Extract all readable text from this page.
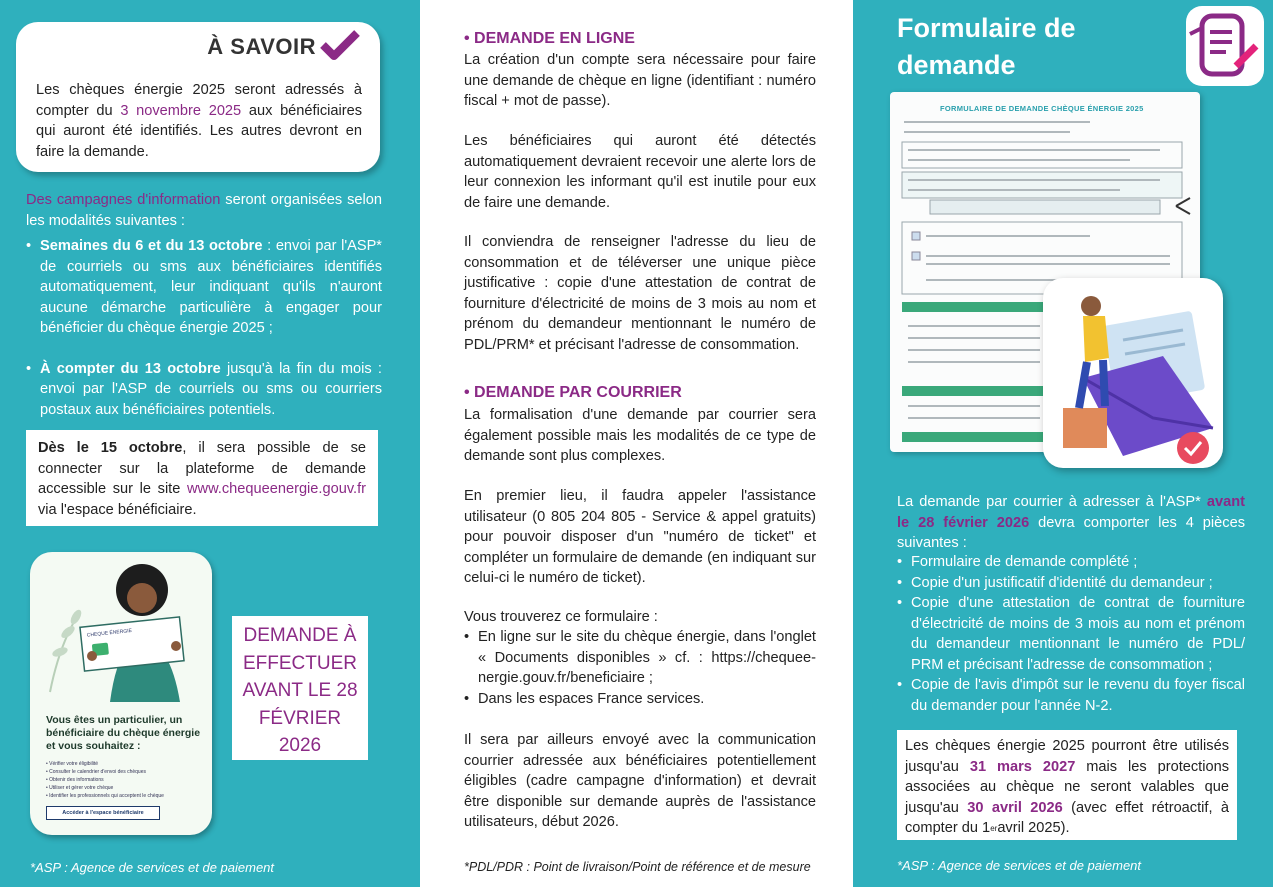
À SAVOIR
Les chèques énergie 2025 seront adressés à compter du 3 novembre 2025 aux bénéficiaires qui auront été identifiés. Les autres devront en faire la demande.
Des campagnes d'information seront organisées selon les modalités suivantes :
• Semaines du 6 et du 13 octobre : envoi par l'ASP* de courriels ou sms aux bénéficiaires identifiés automatiquement, leur indiquant qu'ils n'auront aucune démarche particulière à engager pour bénéficier du chèque énergie 2025 ;
• À compter du 13 octobre jusqu'à la fin du mois : envoi par l'ASP de courriels ou sms ou courriers postaux aux bénéficiaires potentiels.
Dès le 15 octobre, il sera possible de se connecter sur la plateforme de demande accessible sur le site www.chequeenergie.gouv.fr via l'espace bénéficiaire.
CHEQUE ÉNERGIE
Vous êtes un particulier, un bénéficiaire du chèque énergie et vous souhaitez :
• Vérifier votre éligibilité
• Consulter le calendrier d'envoi des chèques
• Obtenir des informations
• Utiliser et gérer votre chèque
• Identifier les professionnels qui acceptent le chèque
Accéder à l'espace bénéficiaire
DEMANDE À EFFECTUER AVANT LE 28 FÉVRIER 2026
*ASP : Agence de services et de paiement
• DEMANDE EN LIGNE
La création d'un compte sera nécessaire pour faire une demande de chèque en ligne (identifiant : numéro fiscal + mot de passe).
Les bénéficiaires qui auront été détectés automatiquement devraient recevoir une alerte lors de leur connexion les informant qu'il est inutile pour eux de faire une demande.
Il conviendra de renseigner l'adresse du lieu de consommation et de téléverser une unique pièce justificative : copie d'une attestation de contrat de fourniture d'électricité de moins de 3 mois au nom et prénom du demandeur mentionnant le numéro de PDL/PRM* et précisant l'adresse de consommation.
• DEMANDE PAR COURRIER
La formalisation d'une demande par courrier sera également possible mais les modalités de ce type de demande sont plus complexes.
En premier lieu, il faudra appeler l'assistance utilisateur (0 805 204 805 - Service & appel gratuits) pour pouvoir disposer d'un "numéro de ticket" et compléter un formulaire de demande (en indiquant sur celui-ci le numéro de ticket).
Vous trouverez ce formulaire :
• En ligne sur le site du chèque énergie, dans l'onglet « Documents disponibles » cf. : https://chequee-nergie.gouv.fr/beneficiaire ;
• Dans les espaces France services.
Il sera par ailleurs envoyé avec la communication courrier adressée aux bénéficiaires potentiellement éligibles (cadre campagne d'information) et devrait être disponible sur demande auprès de l'assistance utilisateurs, début 2026.
*PDL/PDR : Point de livraison/Point de référence et de mesure
Formulaire de demande
FORMULAIRE DE DEMANDE CHÈQUE ÉNERGIE 2025
La demande par courrier à adresser à l'ASP* avant le 28 février 2026 devra comporter les 4 pièces suivantes :
• Formulaire de demande complété ;
• Copie d'un justificatif d'identité du demandeur ;
• Copie d'une attestation de contrat de fourniture d'électricité de moins de 3 mois au nom et prénom du demandeur mentionnant le numéro de PDL/ PRM et précisant l'adresse de consommation ;
• Copie de l'avis d'impôt sur le revenu du foyer fiscal du demander pour l'année N-2.
Les chèques énergie 2025 pourront être utilisés jusqu'au 31 mars 2027 mais les protections associées au chèque ne seront valables que jusqu'au 30 avril 2026 (avec effet rétroactif, à compter du 1eravril 2025).
*ASP : Agence de services et de paiement
